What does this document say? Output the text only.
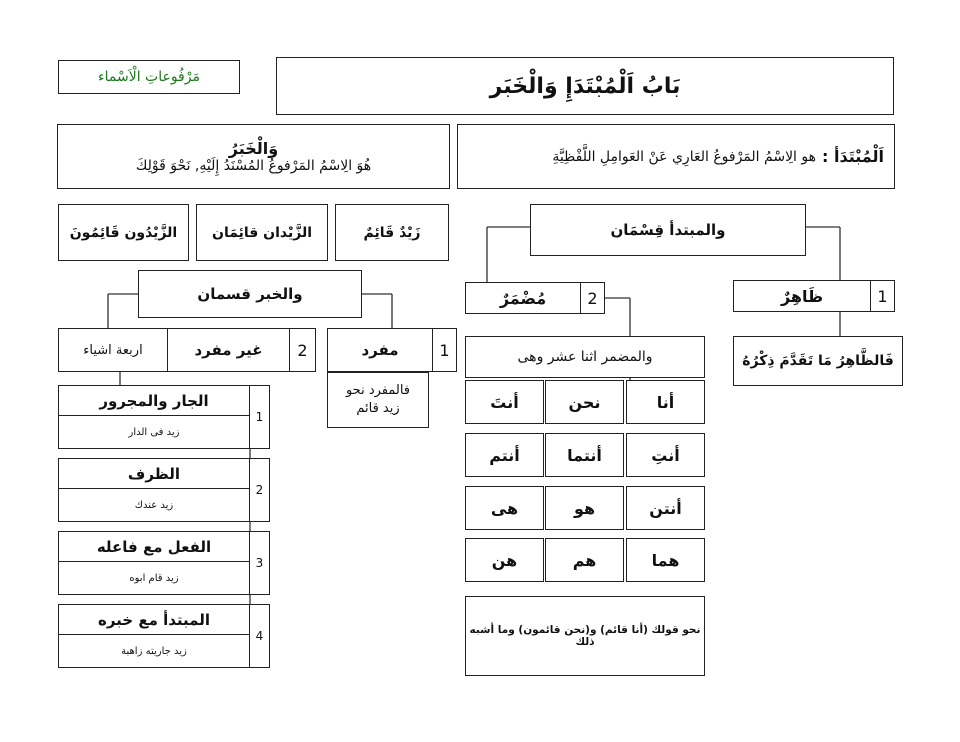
مَرْفُوعاتِ الْاَسْماء	بَابُ اَلْمُبْتَدَإِ وَالْخَبَر
اَلْمُبْتَدَأ :
هو الِاسْمُ المَرْفوعُ العَارِي عَنْ العَوامِلِ اللَّفْظِيَّةِ
وَالْخَبَرُ
هُوَ الِاسْمُ المَرْفوعُ المُسْنَدُ إِلَيْهِ, نَحْوَ قَوْلِكَ
زَيْدٌ قَائِمٌ
الزَّيْدان قائِمَان
الزَّيْدُون قَائِمُونَ	والمبتدأ قِسْمَان
1
ظَاهِرٌ
فَالظَّاهِرُ مَا تَقَدَّمَ ذِكْرُهُ
2
مُضْمَرٌ
والمضمر اثنا عشر وهى
أنا
نحن
أنتَ
أنتِ
أنتما
أنتم
أنتن
هو
هى
هما
هم
هن
نحو قولك (أنا قائم) و(نحن قائمون) وما أشبه ذلك
والخبر قسمان
1
مفرد
فالمفرد نحو
زيد قائم
2
غير مفرد
اربعة اشياء
1
الجار والمجرور
زيد فى الدار
2
الظرف
زيد عندك
3
الفعل مع فاعله
زيد قام ابوه
4
المبتدأ مع خبره
زيد جاريته زاهبة
